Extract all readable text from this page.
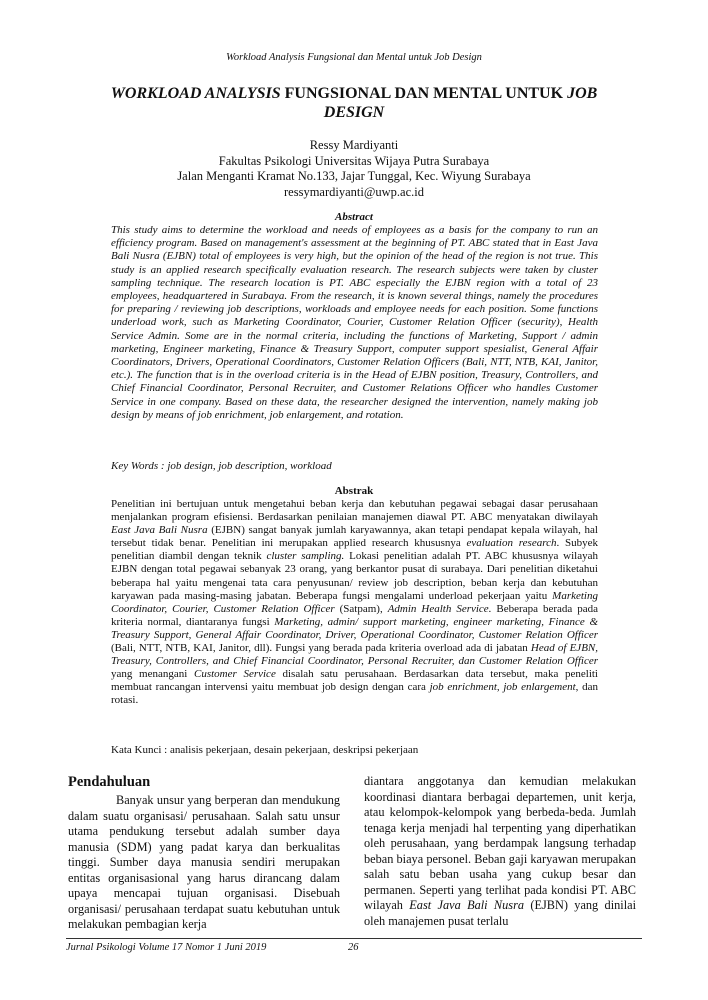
Workload Analysis Fungsional dan Mental untuk Job Design
WORKLOAD ANALYSIS FUNGSIONAL DAN MENTAL UNTUK JOB
DESIGN
Ressy Mardiyanti
Fakultas Psikologi Universitas Wijaya Putra Surabaya
Jalan Menganti Kramat No.133, Jajar Tunggal, Kec. Wiyung Surabaya
ressymardiyanti@uwp.ac.id
Abstract

This study aims to determine the workload and needs of employees as a basis for the company to run an efficiency program. Based on management's assessment at the beginning of PT. ABC stated that in East Java Bali Nusra (EJBN) total of employees is very high, but the opinion of the head of the region is not true. This study is an applied research specifically evaluation research. The research subjects were taken by cluster sampling technique. The research location is PT. ABC especially the EJBN region with a total of 23 employees, headquartered in Surabaya. From the research, it is known several things, namely the procedures for preparing / reviewing job descriptions, workloads and employee needs for each position. Some functions underload work, such as Marketing Coordinator, Courier, Customer Relation Officer (security), Health Service Admin. Some are in the normal criteria, including the functions of Marketing, Support / admin marketing, Engineer marketing, Finance & Treasury Support, computer support spesialist, General Affair Coordinators, Drivers, Operational Coordinators, Customer Relation Officers (Bali, NTT, NTB, KAI, Janitor, etc.). The function that is in the overload criteria is in the Head of EJBN position, Treasury, Controllers, and Chief Financial Coordinator, Personal Recruiter, and Customer Relations Officer who handles Customer Service in one company. Based on these data, the researcher designed the intervention, namely making job design by means of job enrichment, job enlargement, and rotation.

Key Words : job design, job description, workload
Abstrak

Penelitian ini bertujuan untuk mengetahui beban kerja dan kebutuhan pegawai sebagai dasar perusahaan menjalankan program efisiensi. Berdasarkan penilaian manajemen diawal PT. ABC menyatakan diwilayah East Java Bali Nusra (EJBN) sangat banyak jumlah karyawannya, akan tetapi pendapat kepala wilayah, hal tersebut tidak benar. Penelitian ini merupakan applied research khususnya evaluation research. Subyek penelitian diambil dengan teknik cluster sampling. Lokasi penelitian adalah PT. ABC khususnya wilayah EJBN dengan total pegawai sebanyak 23 orang, yang berkantor pusat di surabaya. Dari penelitian diketahui beberapa hal yaitu mengenai tata cara penyusunan/ review job description, beban kerja dan kebutuhan karyawan pada masing-masing jabatan. Beberapa fungsi mengalami underload pekerjaan yaitu Marketing Coordinator, Courier, Customer Relation Officer (Satpam), Admin Health Service. Beberapa berada pada kriteria normal, diantaranya fungsi Marketing, admin/ support marketing, engineer marketing, Finance & Treasury Support, General Affair Coordinator, Driver, Operational Coordinator, Customer Relation Officer (Bali, NTT, NTB, KAI, Janitor, dll). Fungsi yang berada pada kriteria overload ada di jabatan Head of EJBN, Treasury, Controllers, and Chief Financial Coordinator, Personal Recruiter, dan Customer Relation Officer yang menangani Customer Service disalah satu perusahaan. Berdasarkan data tersebut, maka peneliti membuat rancangan intervensi yaitu membuat job design dengan cara job enrichment, job enlargement, dan rotasi.

Kata Kunci : analisis pekerjaan, desain pekerjaan, deskripsi pekerjaan
Pendahuluan

Banyak unsur yang berperan dan mendukung dalam suatu organisasi/ perusahaan. Salah satu unsur utama pendukung tersebut adalah sumber daya manusia (SDM) yang padat karya dan berkualitas tinggi. Sumber daya manusia sendiri merupakan entitas organisasional yang harus dirancang dalam upaya mencapai tujuan organisasi. Disebuah organisasi/ perusahaan terdapat suatu kebutuhan untuk melakukan pembagian kerja

diantara anggotanya dan kemudian melakukan koordinasi diantara berbagai departemen, unit kerja, atau kelompok-kelompok yang berbeda-beda. Jumlah tenaga kerja menjadi hal terpenting yang diperhatikan oleh perusahaan, yang berdampak langsung terhadap beban biaya personel. Beban gaji karyawan merupakan salah satu beban usaha yang cukup besar dan permanen. Seperti yang terlihat pada kondisi PT. ABC wilayah East Java Bali Nusra (EJBN) yang dinilai oleh manajemen pusat terlalu

Jurnal Psikologi Volume 17 Nomor 1 Juni 2019	26
